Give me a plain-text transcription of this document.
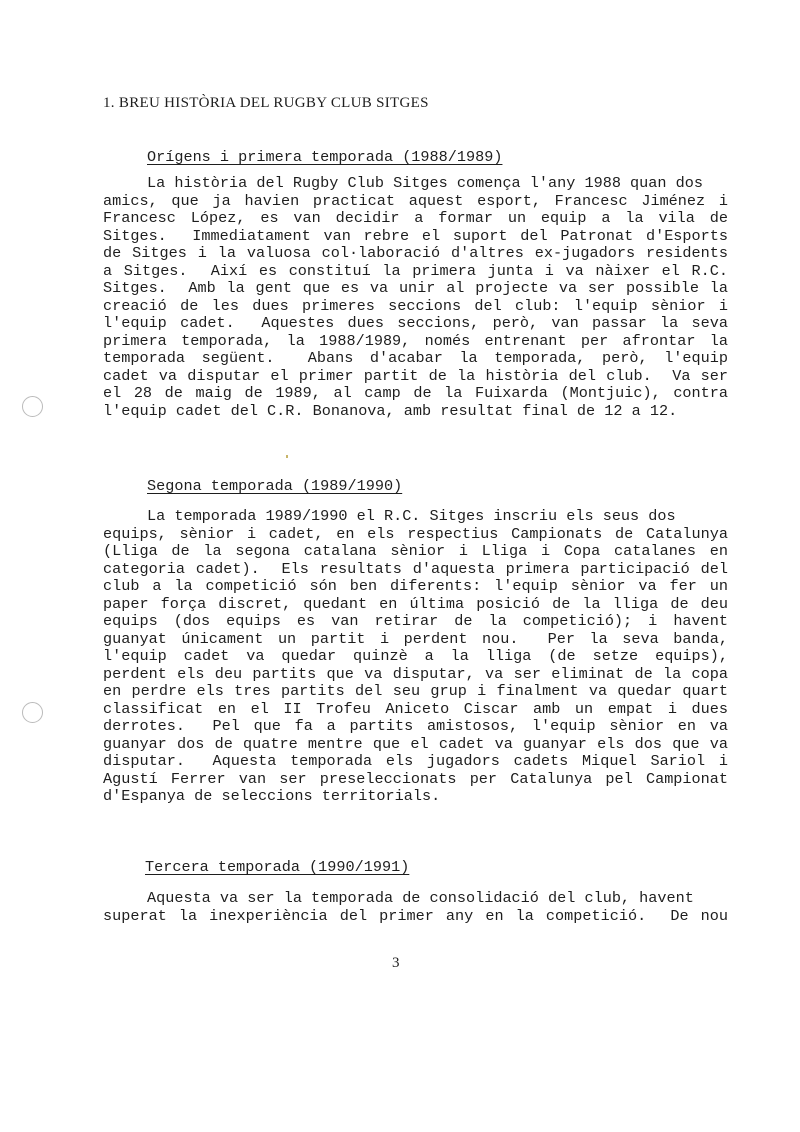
1. BREU HISTÒRIA DEL RUGBY CLUB SITGES
Orígens i primera temporada (1988/1989)
La història del Rugby Club Sitges comença l'any 1988 quan dos
amics, que ja havien practicat aquest esport, Francesc Jiménez i
Francesc López, es van decidir a formar un equip a la vila de
Sitges.  Immediatament van rebre el suport del Patronat d'Esports
de Sitges i la valuosa col·laboració d'altres ex-jugadors residents
a Sitges.  Així es constituí la primera junta i va nàixer el R.C.
Sitges.  Amb la gent que es va unir al projecte va ser possible la
creació de les dues primeres seccions del club: l'equip sènior i
l'equip cadet.  Aquestes dues seccions, però, van passar la seva
primera temporada, la 1988/1989, només entrenant per afrontar la
temporada següent.  Abans d'acabar la temporada, però, l'equip
cadet va disputar el primer partit de la història del club.  Va ser
el 28 de maig de 1989, al camp de la Fuixarda (Montjuic), contra
l'equip cadet del C.R. Bonanova, amb resultat final de 12 a 12.
Segona temporada (1989/1990)
La temporada 1989/1990 el R.C. Sitges inscriu els seus dos
equips, sènior i cadet, en els respectius Campionats de Catalunya
(Lliga de la segona catalana sènior i Lliga i Copa catalanes en
categoria cadet).  Els resultats d'aquesta primera participació del
club a la competició són ben diferents: l'equip sènior va fer un
paper força discret, quedant en última posició de la lliga de deu
equips (dos equips es van retirar de la competició); i havent
guanyat únicament un partit i perdent nou.  Per la seva banda,
l'equip cadet va quedar quinzè a la lliga (de setze equips),
perdent els deu partits que va disputar, va ser eliminat de la copa
en perdre els tres partits del seu grup i finalment va quedar quart
classificat en el II Trofeu Aniceto Ciscar amb un empat i dues
derrotes.  Pel que fa a partits amistosos, l'equip sènior en va
guanyar dos de quatre mentre que el cadet va guanyar els dos que va
disputar.  Aquesta temporada els jugadors cadets Miquel Sariol i
Agustí Ferrer van ser preseleccionats per Catalunya pel Campionat
d'Espanya de seleccions territorials.
Tercera temporada (1990/1991)
Aquesta va ser la temporada de consolidació del club, havent
superat la inexperiència del primer any en la competició.  De nou
3
